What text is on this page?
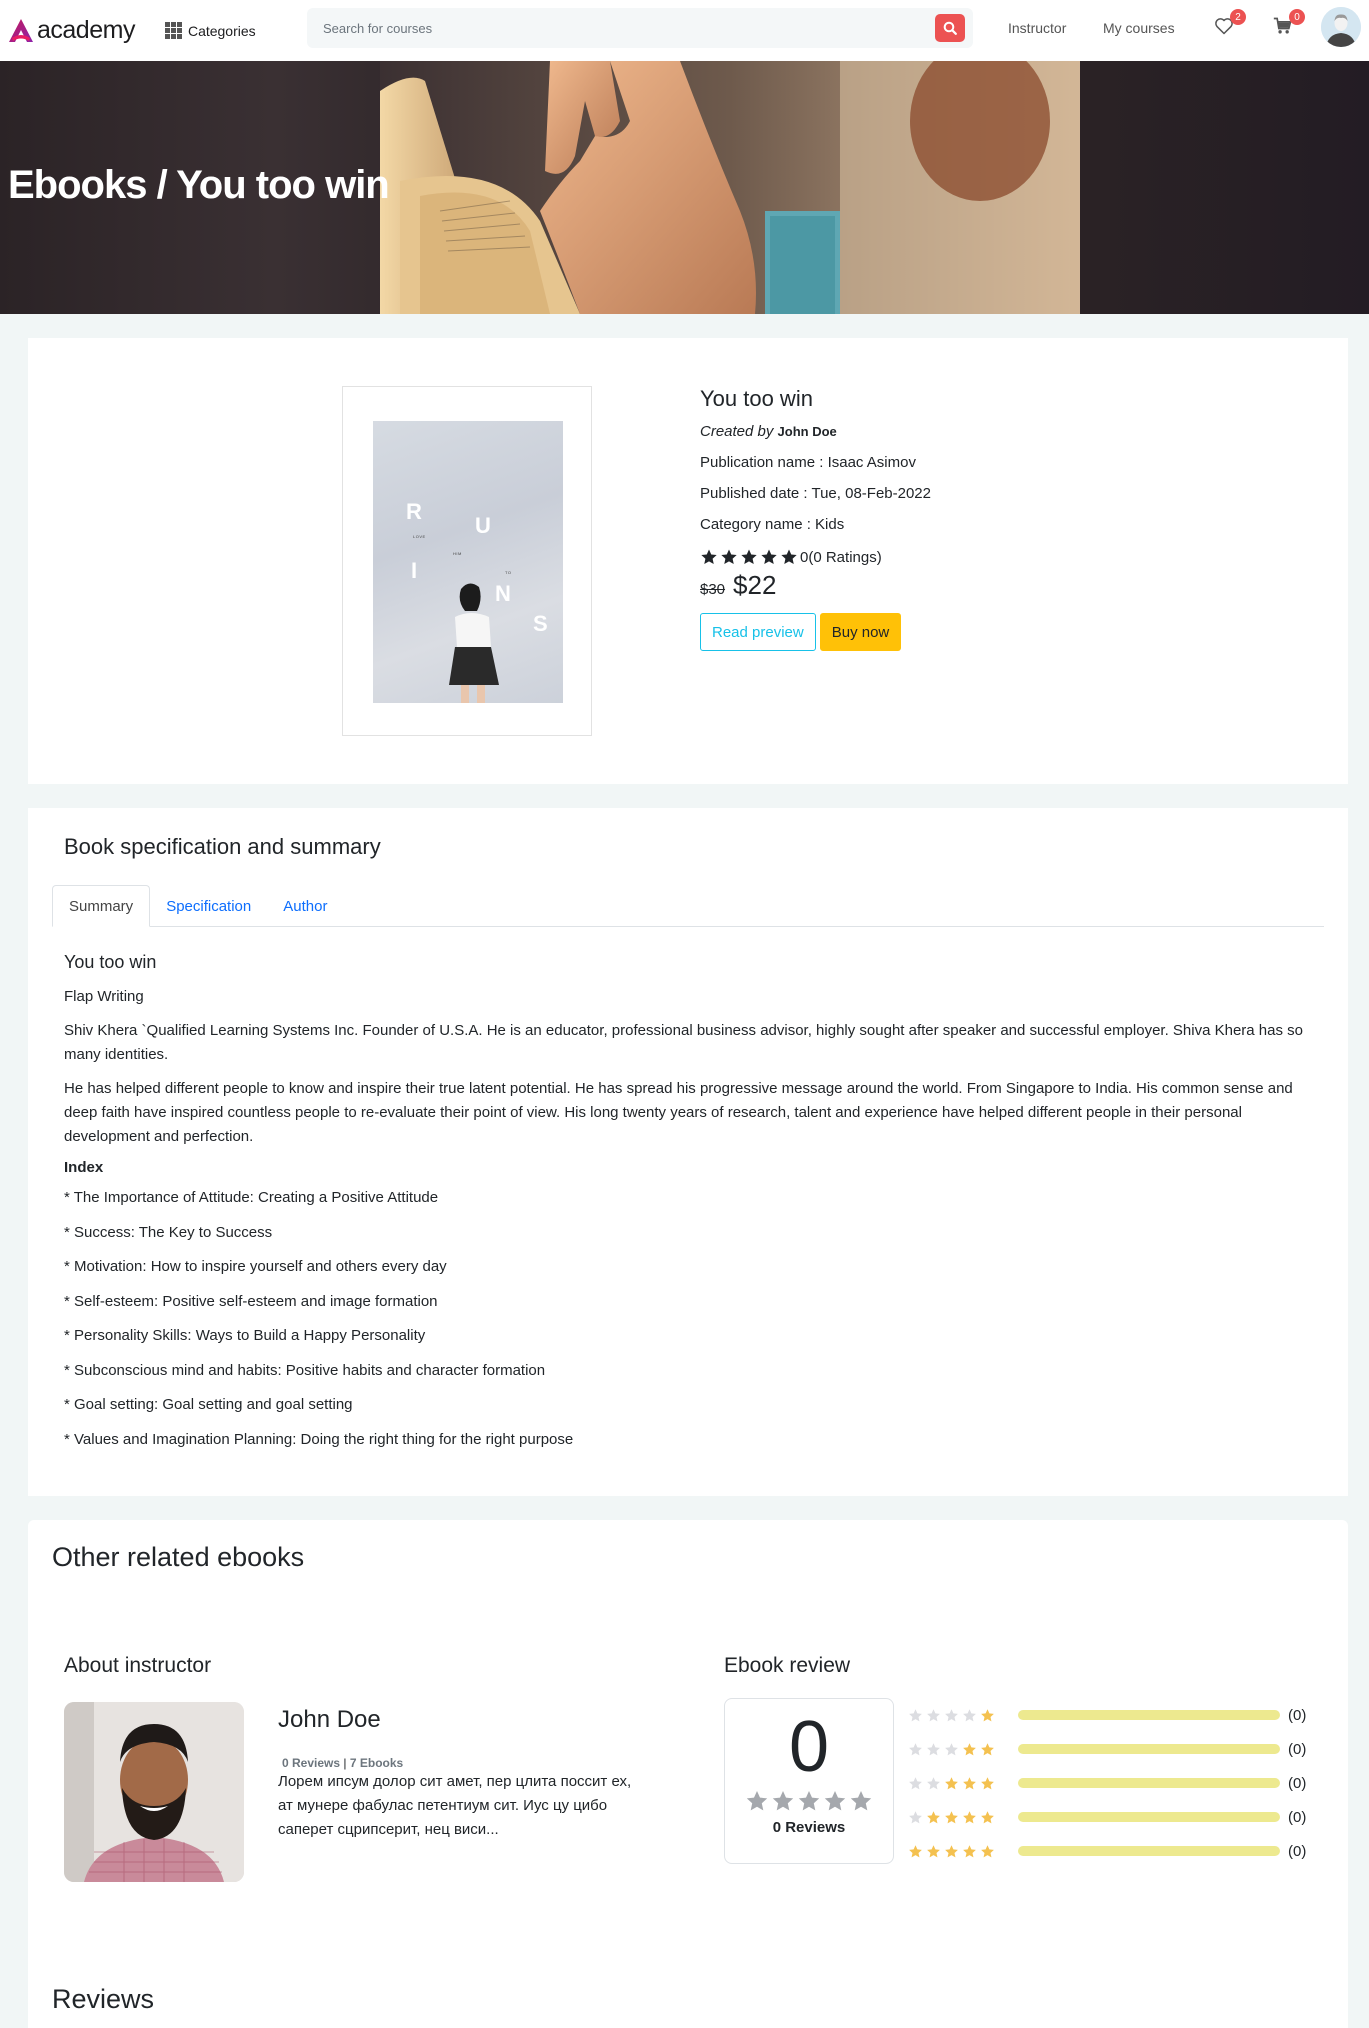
academy	Categories
Search for courses	Instructor	My courses
2	0
Ebooks / You too win
R
U
I
N
S
LOVE
HIM
TO
You too win
Created by John Doe
Publication name : Isaac Asimov
Published date : Tue, 08-Feb-2022
Category name : Kids
0(0 Ratings)
$30 $22
Read preview	Buy now
Book specification and summary
Summary	Specification	Author
You too win

Flap Writing

Shiv Khera `Qualified Learning Systems Inc. Founder of U.S.A. He is an educator, professional business advisor, highly sought after speaker and successful employer. Shiva Khera has so many identities.

He has helped different people to know and inspire their true latent potential. He has spread his progressive message around the world. From Singapore to India. His common sense and deep faith have inspired countless people to re-evaluate their point of view. His long twenty years of research, talent and experience have helped different people in their personal development and perfection.

Index
* The Importance of Attitude: Creating a Positive Attitude
* Success: The Key to Success
* Motivation: How to inspire yourself and others every day
* Self-esteem: Positive self-esteem and image formation
* Personality Skills: Ways to Build a Happy Personality
* Subconscious mind and habits: Positive habits and character formation
* Goal setting: Goal setting and goal setting
* Values and Imagination Planning: Doing the right thing for the right purpose
Other related ebooks
About instructor
John Doe
0 Reviews | 7 Ebooks
Лорем ипсум долор сит амет, пер цлита поссит ех, ат мунере фабулас петентиум сит. Иус цу цибо саперет сцрипсерит, нец виси...
Ebook review
0
0 Reviews
(0)
(0)
(0)
(0)
(0)
Reviews
